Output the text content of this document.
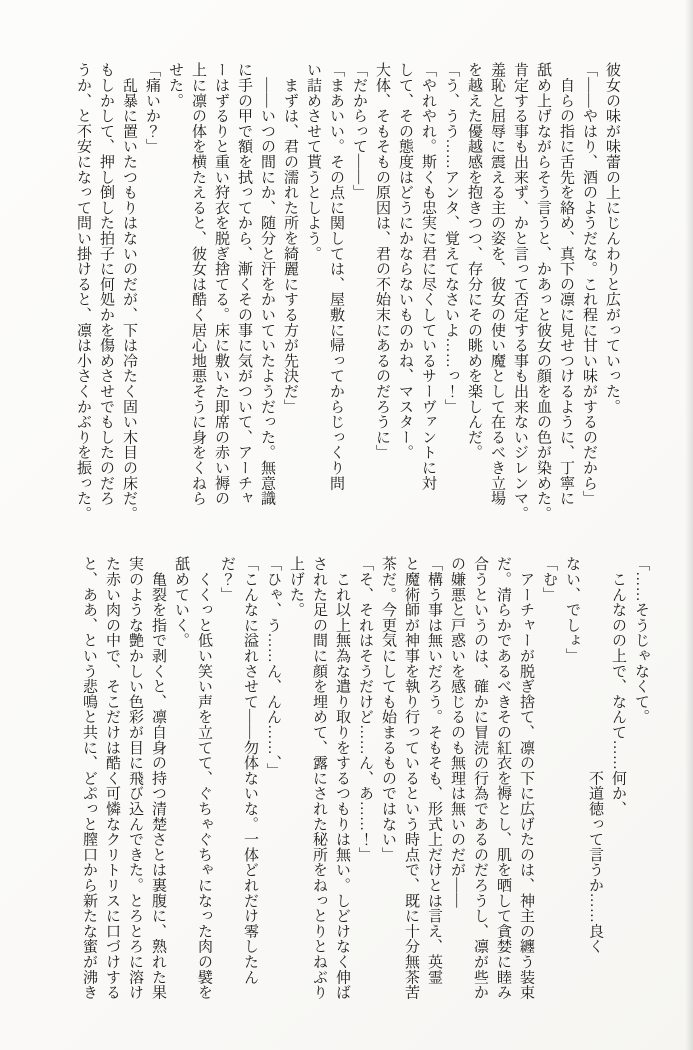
彼女の味が味蕾の上にじんわりと広がっていった。

「――やはり、酒のようだな。これ程に甘い味がするのだから」

　自らの指に舌先を絡め、真下の凛に見せつけるように、丁寧に

舐め上げながらそう言うと、かあっと彼女の顔を血の色が染めた。

肯定する事も出来ず、かと言って否定する事も出来ないジレンマ。

羞恥と屈辱に震える主の姿を、彼女の使い魔として在るべき立場

を越えた優越感を抱きつつ、存分にその眺めを楽しんだ。

「う、うう……アンタ、覚えてなさいよ……っ！」

「やれやれ。斯くも忠実に君に尽くしているサーヴァントに対

して、その態度はどうにかならないものかね、マスター。

大体、そもそもの原因は、君の不始末にあるのだろうに」

「だからって――」

「まあいい。その点に関しては、屋敷に帰ってからじっくり問

い詰めさせて貰うとしよう。

　まずは、君の濡れた所を綺麗にする方が先決だ」

　――いつの間にか、随分と汗をかいていたようだった。無意識

に手の甲で額を拭ってから、漸くその事に気がついて、アーチャ

ーはずるりと重い狩衣を脱ぎ捨てる。床に敷いた即席の赤い褥の

上に凛の体を横たえると、彼女は酷く居心地悪そうに身をくねら

せた。

「痛いか？」

　乱暴に置いたつもりはないのだが、下は冷たく固い木目の床だ。

もしかして、押し倒した拍子に何処かを傷めさせでもしたのだろ

うか、と不安になって問い掛けると、凛は小さくかぶりを振った。

「……そうじゃなくて。

　こんなのの上で、なんて……何か、

　　　　　　　　　　　　　　不道徳って言うか……良く

ない、でしょ」

「む」

　アーチャーが脱ぎ捨て、凛の下に広げたのは、神主の纏う装束

だ。清らかであるべきその紅衣を褥とし、肌を晒して貪婪に睦み

合うというのは、確かに冒涜の行為であるのだろうし、凛が些か

の嫌悪と戸惑いを感じるのも無理は無いのだが――

「構う事は無いだろう。そもそも、形式上だけとは言え、英霊

と魔術師が神事を執り行っているという時点で、既に十分無茶苦

茶だ。今更気にしても始まるものではない」

「そ、それはそうだけど……ん、あ……！」

　これ以上無為な遣り取りをするつもりは無い。しどけなく伸ば

された足の間に顔を埋めて、露にされた秘所をねっとりとねぶり

上げた。

「ひゃ、う……ん、んん……、」

「こんなに溢れさせて――勿体ないな。一体どれだけ零したん

だ？」

　くくっと低い笑い声を立てて、ぐちゃぐちゃになった肉の襞を

舐めていく。

　亀裂を指で剥くと、凛自身の持つ清楚さとは裏腹に、熟れた果

実のような艶かしい色彩が目に飛び込んできた。とろとろに溶け

た赤い肉の中で、そこだけは酷く可憐なクリトリスに口づけする

と、ああ、という悲鳴と共に、どぷっと膣口から新たな蜜が沸き
